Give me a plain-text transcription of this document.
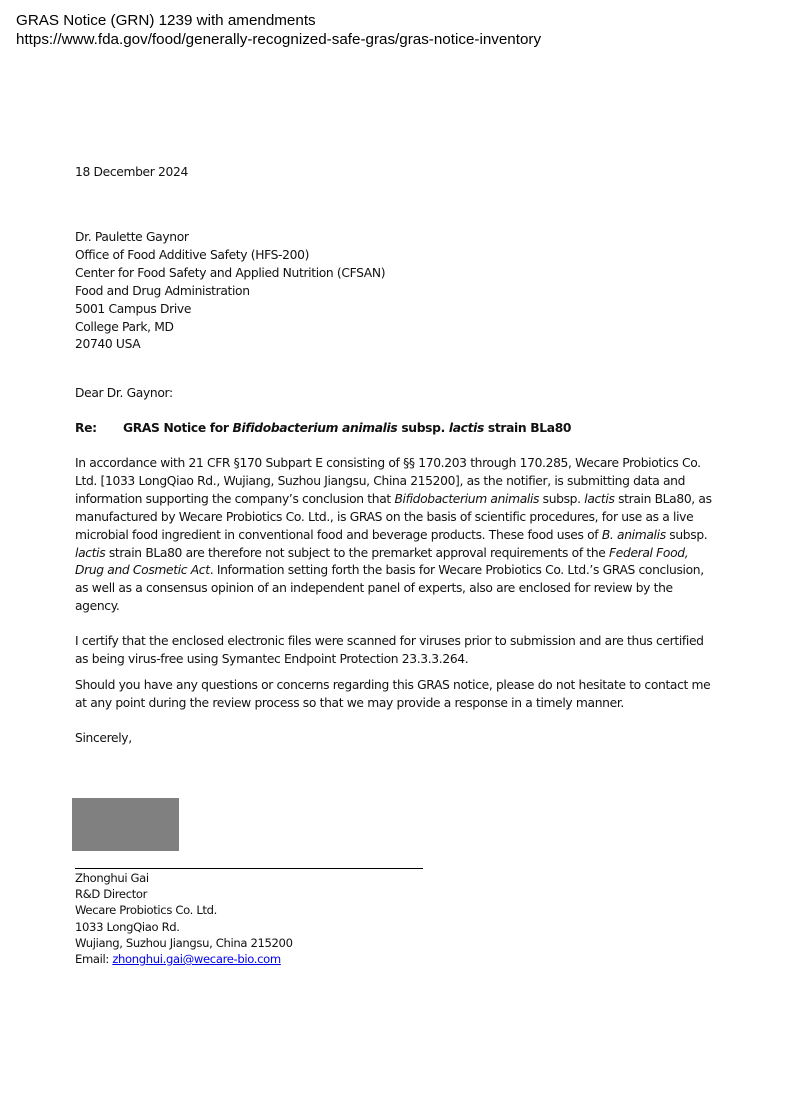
GRAS Notice (GRN) 1239 with amendments
https://www.fda.gov/food/generally-recognized-safe-gras/gras-notice-inventory
18 December 2024
Dr. Paulette Gaynor
Office of Food Additive Safety (HFS-200)
Center for Food Safety and Applied Nutrition (CFSAN)
Food and Drug Administration
5001 Campus Drive
College Park, MD
20740 USA
Dear Dr. Gaynor:
Re: GRAS Notice for Bifidobacterium animalis subsp. lactis strain BLa80
In accordance with 21 CFR §170 Subpart E consisting of §§ 170.203 through 170.285, Wecare Probiotics Co. Ltd. [1033 LongQiao Rd., Wujiang, Suzhou Jiangsu, China 215200], as the notifier, is submitting data and information supporting the company’s conclusion that Bifidobacterium animalis subsp. lactis strain BLa80, as manufactured by Wecare Probiotics Co. Ltd., is GRAS on the basis of scientific procedures, for use as a live microbial food ingredient in conventional food and beverage products. These food uses of B. animalis subsp. lactis strain BLa80 are therefore not subject to the premarket approval requirements of the Federal Food, Drug and Cosmetic Act. Information setting forth the basis for Wecare Probiotics Co. Ltd.’s GRAS conclusion, as well as a consensus opinion of an independent panel of experts, also are enclosed for review by the agency.
I certify that the enclosed electronic files were scanned for viruses prior to submission and are thus certified as being virus-free using Symantec Endpoint Protection 23.3.3.264.
Should you have any questions or concerns regarding this GRAS notice, please do not hesitate to contact me at any point during the review process so that we may provide a response in a timely manner.
Sincerely,
Zhonghui Gai
R&D Director
Wecare Probiotics Co. Ltd.
1033 LongQiao Rd.
Wujiang, Suzhou Jiangsu, China 215200
Email: zhonghui.gai@wecare-bio.com
